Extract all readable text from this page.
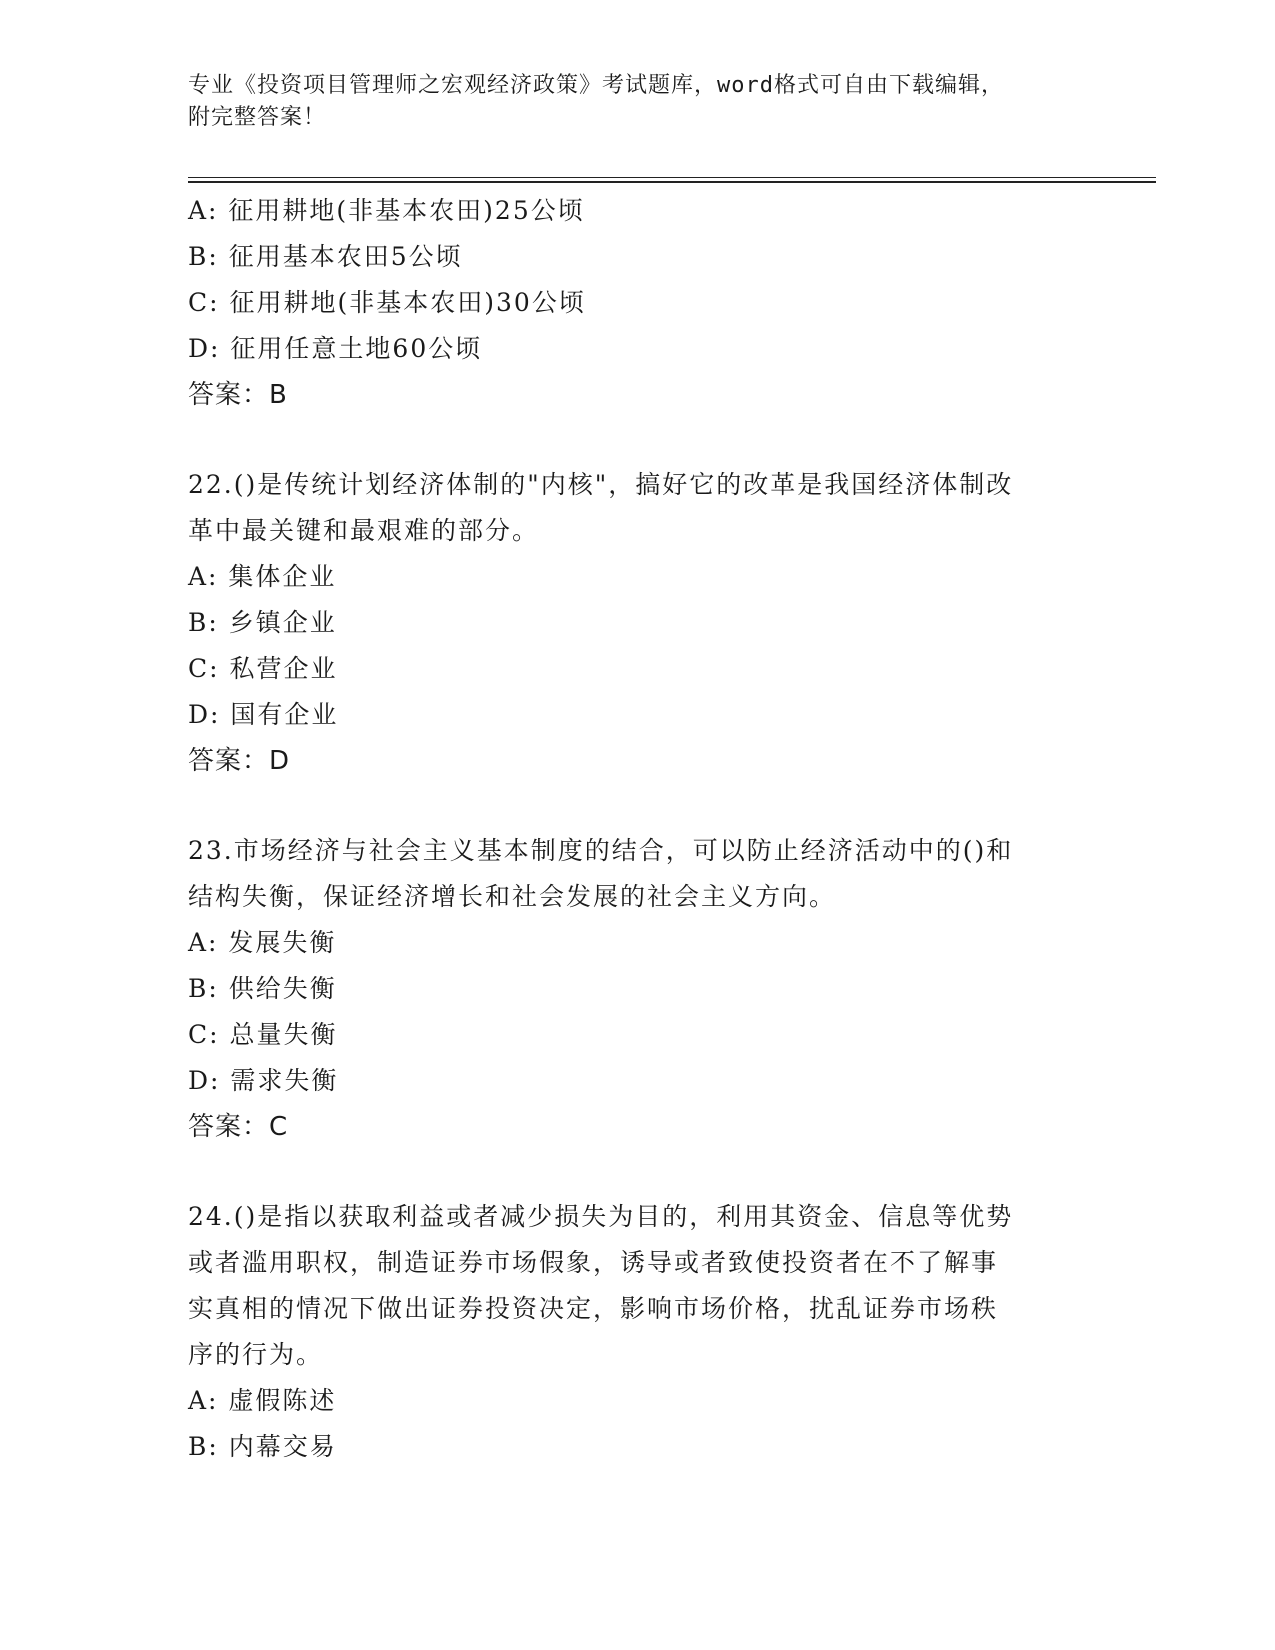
专业《投资项目管理师之宏观经济政策》考试题库，word格式可自由下载编辑，
附完整答案！
A: 征用耕地(非基本农田)25公顷
B: 征用基本农田5公顷
C: 征用耕地(非基本农田)30公顷
D: 征用任意土地60公顷
答案：B
22.()是传统计划经济体制的"内核"，搞好它的改革是我国经济体制改
革中最关键和最艰难的部分。
A: 集体企业
B: 乡镇企业
C: 私营企业
D: 国有企业
答案：D
23.市场经济与社会主义基本制度的结合，可以防止经济活动中的()和
结构失衡，保证经济增长和社会发展的社会主义方向。
A: 发展失衡
B: 供给失衡
C: 总量失衡
D: 需求失衡
答案：C
24.()是指以获取利益或者减少损失为目的，利用其资金、信息等优势
或者滥用职权，制造证券市场假象，诱导或者致使投资者在不了解事
实真相的情况下做出证券投资决定，影响市场价格，扰乱证券市场秩
序的行为。
A: 虚假陈述
B: 内幕交易
